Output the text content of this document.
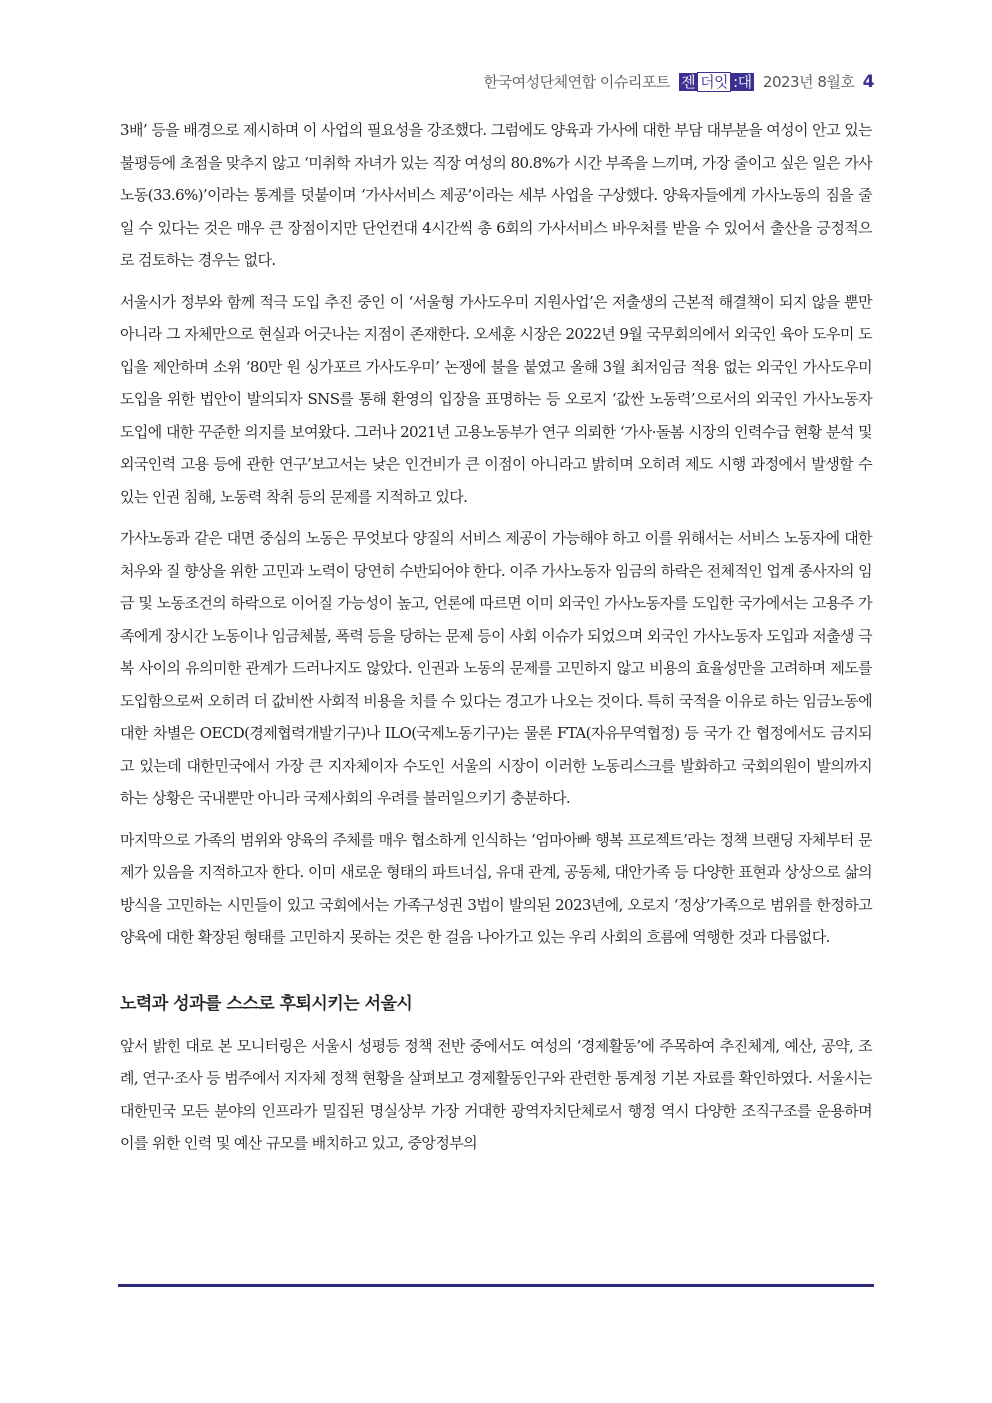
한국여성단체연합 이슈리포트 젠 더잇 :대 2023년 8월호 4

3배’ 등을 배경으로 제시하며 이 사업의 필요성을 강조했다. 그럼에도 양육과 가사에 대한 부담 대부분을 여성이 안고 있는 불평등에 초점을 맞추지 않고 ‘미취학 자녀가 있는 직장 여성의 80.8%가 시간 부족을 느끼며, 가장 줄이고 싶은 일은 가사노동(33.6%)’이라는 통계를 덧붙이며 ‘가사서비스 제공’이라는 세부 사업을 구상했다. 양육자들에게 가사노동의 짐을 줄일 수 있다는 것은 매우 큰 장점이지만 단언컨대 4시간씩 총 6회의 가사서비스 바우처를 받을 수 있어서 출산을 긍정적으로 검토하는 경우는 없다.

서울시가 정부와 함께 적극 도입 추진 중인 이 ‘서울형 가사도우미 지원사업’은 저출생의 근본적 해결책이 되지 않을 뿐만 아니라 그 자체만으로 현실과 어긋나는 지점이 존재한다. 오세훈 시장은 2022년 9월 국무회의에서 외국인 육아 도우미 도입을 제안하며 소위 ‘80만 원 싱가포르 가사도우미’ 논쟁에 불을 붙였고 올해 3월 최저임금 적용 없는 외국인 가사도우미 도입을 위한 법안이 발의되자 SNS를 통해 환영의 입장을 표명하는 등 오로지 ‘값싼 노동력’으로서의 외국인 가사노동자 도입에 대한 꾸준한 의지를 보여왔다. 그러나 2021년 고용노동부가 연구 의뢰한 ‘가사·돌봄 시장의 인력수급 현황 분석 및 외국인력 고용 등에 관한 연구’보고서는 낮은 인건비가 큰 이점이 아니라고 밝히며 오히려 제도 시행 과정에서 발생할 수 있는 인권 침해, 노동력 착취 등의 문제를 지적하고 있다.

가사노동과 같은 대면 중심의 노동은 무엇보다 양질의 서비스 제공이 가능해야 하고 이를 위해서는 서비스 노동자에 대한 처우와 질 향상을 위한 고민과 노력이 당연히 수반되어야 한다. 이주 가사노동자 임금의 하락은 전체적인 업계 종사자의 임금 및 노동조건의 하락으로 이어질 가능성이 높고, 언론에 따르면 이미 외국인 가사노동자를 도입한 국가에서는 고용주 가족에게 장시간 노동이나 임금체불, 폭력 등을 당하는 문제 등이 사회 이슈가 되었으며 외국인 가사노동자 도입과 저출생 극복 사이의 유의미한 관계가 드러나지도 않았다. 인권과 노동의 문제를 고민하지 않고 비용의 효율성만을 고려하며 제도를 도입함으로써 오히려 더 값비싼 사회적 비용을 치를 수 있다는 경고가 나오는 것이다. 특히 국적을 이유로 하는 임금노동에 대한 차별은 OECD(경제협력개발기구)나 ILO(국제노동기구)는 물론 FTA(자유무역협정) 등 국가 간 협정에서도 금지되고 있는데 대한민국에서 가장 큰 지자체이자 수도인 서울의 시장이 이러한 노동리스크를 발화하고 국회의원이 발의까지 하는 상황은 국내뿐만 아니라 국제사회의 우려를 불러일으키기 충분하다.

마지막으로 가족의 범위와 양육의 주체를 매우 협소하게 인식하는 ‘엄마아빠 행복 프로젝트’라는 정책 브랜딩 자체부터 문제가 있음을 지적하고자 한다. 이미 새로운 형태의 파트너십, 유대 관계, 공동체, 대안가족 등 다양한 표현과 상상으로 삶의 방식을 고민하는 시민들이 있고 국회에서는 가족구성권 3법이 발의된 2023년에, 오로지 ‘정상’가족으로 범위를 한정하고 양육에 대한 확장된 형태를 고민하지 못하는 것은 한 걸음 나아가고 있는 우리 사회의 흐름에 역행한 것과 다름없다.

노력과 성과를 스스로 후퇴시키는 서울시

앞서 밝힌 대로 본 모니터링은 서울시 성평등 정책 전반 중에서도 여성의 ‘경제활동’에 주목하여 추진체계, 예산, 공약, 조례, 연구·조사 등 범주에서 지자체 정책 현황을 살펴보고 경제활동인구와 관련한 통계청 기본 자료를 확인하였다. 서울시는 대한민국 모든 분야의 인프라가 밀집된 명실상부 가장 거대한 광역자치단체로서 행정 역시 다양한 조직구조를 운용하며 이를 위한 인력 및 예산 규모를 배치하고 있고, 중앙정부의
